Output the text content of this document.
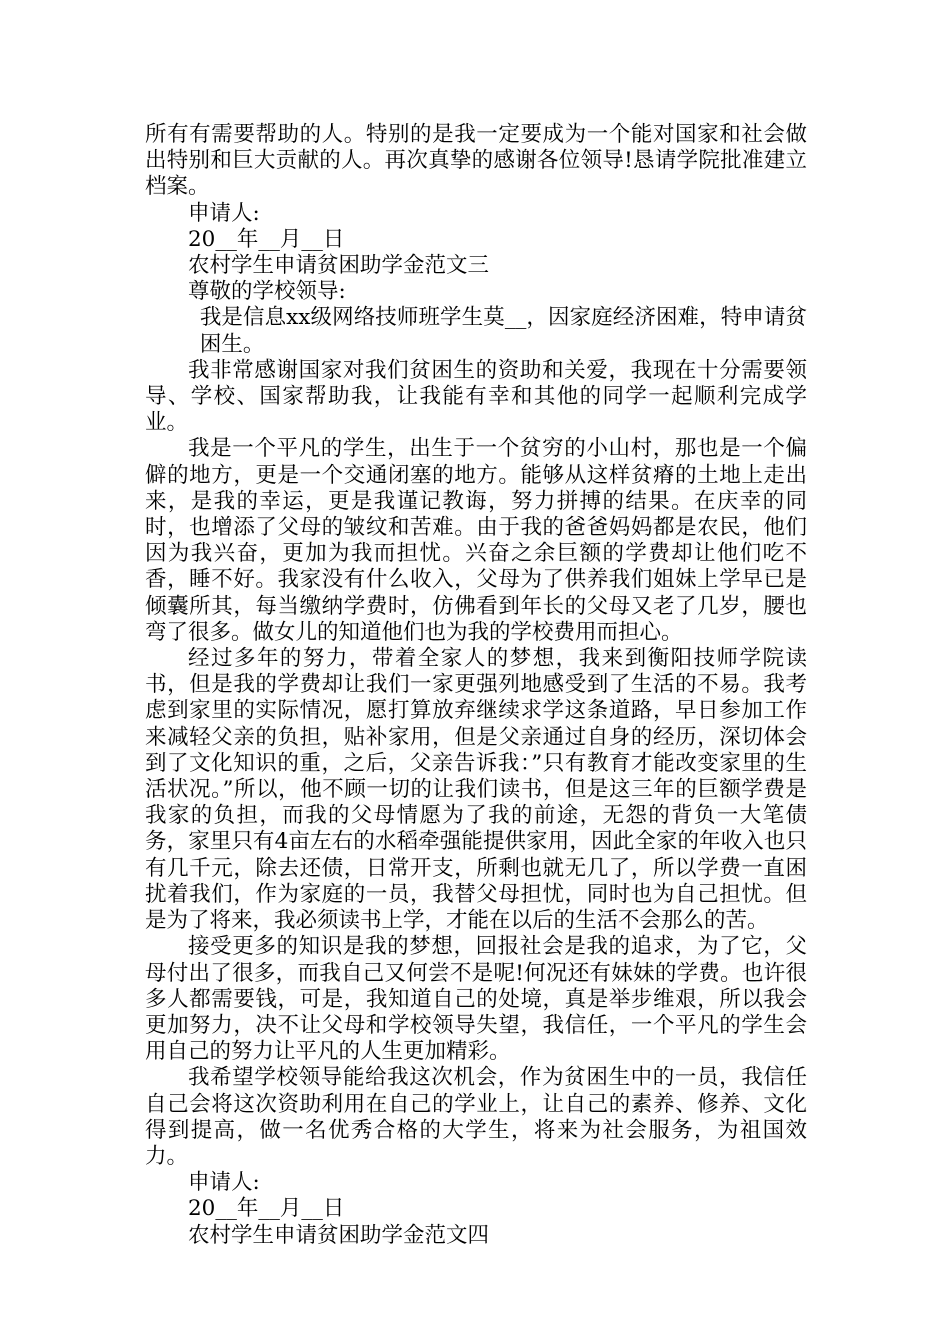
所有有需要帮助的人。特别的是我一定要成为一个能对国家和社会做出特别和巨大贡献的人。再次真挚的感谢各位领导!恳请学院批准建立档案。

申请人:

20__年__月__日

农村学生申请贫困助学金范文三

尊敬的学校领导:

我是信息xx级网络技师班学生莫__，因家庭经济困难，特申请贫困生。

我非常感谢国家对我们贫困生的资助和关爱，我现在十分需要领导、学校、国家帮助我，让我能有幸和其他的同学一起顺利完成学业。

我是一个平凡的学生，出生于一个贫穷的小山村，那也是一个偏僻的地方，更是一个交通闭塞的地方。能够从这样贫瘠的土地上走出来，是我的幸运，更是我谨记教诲，努力拼搏的结果。在庆幸的同时，也增添了父母的皱纹和苦难。由于我的爸爸妈妈都是农民，他们因为我兴奋，更加为我而担忧。兴奋之余巨额的学费却让他们吃不香，睡不好。我家没有什么收入，父母为了供养我们姐妹上学早已是倾囊所其，每当缴纳学费时，仿佛看到年长的父母又老了几岁，腰也弯了很多。做女儿的知道他们也为我的学校费用而担心。

经过多年的努力，带着全家人的梦想，我来到衡阳技师学院读书，但是我的学费却让我们一家更强列地感受到了生活的不易。我考虑到家里的实际情况，愿打算放弃继续求学这条道路，早日参加工作来减轻父亲的负担，贴补家用，但是父亲通过自身的经历，深切体会到了文化知识的重，之后，父亲告诉我：”只有教育才能改变家里的生活状况。”所以，他不顾一切的让我们读书，但是这三年的巨额学费是我家的负担，而我的父母情愿为了我的前途，无怨的背负一大笔债务，家里只有4亩左右的水稻牵强能提供家用，因此全家的年收入也只有几千元，除去还债，日常开支，所剩也就无几了，所以学费一直困扰着我们，作为家庭的一员，我替父母担忧，同时也为自己担忧。但是为了将来，我必须读书上学，才能在以后的生活不会那么的苦。

接受更多的知识是我的梦想，回报社会是我的追求，为了它，父母付出了很多，而我自己又何尝不是呢!何况还有妹妹的学费。也许很多人都需要钱，可是，我知道自己的处境，真是举步维艰，所以我会更加努力，决不让父母和学校领导失望，我信任，一个平凡的学生会用自己的努力让平凡的人生更加精彩。

我希望学校领导能给我这次机会，作为贫困生中的一员，我信任自己会将这次资助利用在自己的学业上，让自己的素养、修养、文化得到提高，做一名优秀合格的大学生，将来为社会服务，为祖国效力。

申请人:

20__年__月__日

农村学生申请贫困助学金范文四
